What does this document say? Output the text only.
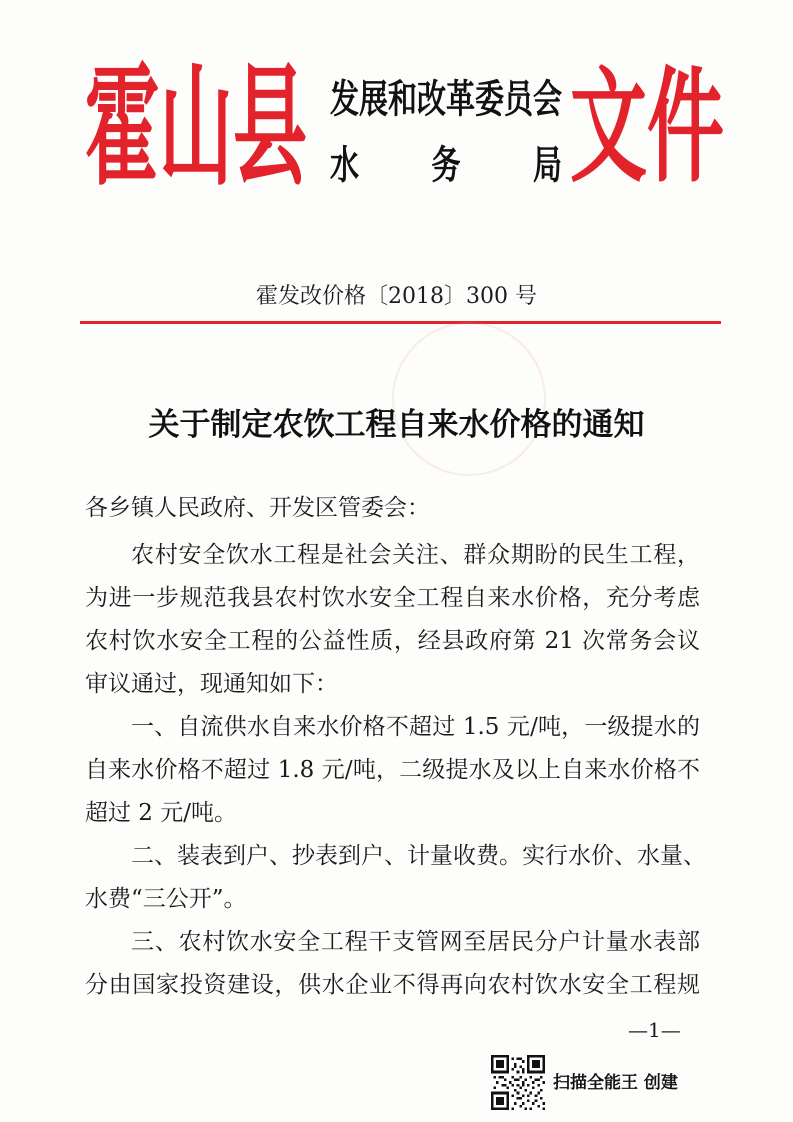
霍山县 发展和改革委员会
水 务 局 文件
霍发改价格〔2018〕300 号
关于制定农饮工程自来水价格的通知
各乡镇人民政府、开发区管委会：
农村安全饮水工程是社会关注、群众期盼的民生工程，
为进一步规范我县农村饮水安全工程自来水价格，充分考虑
农村饮水安全工程的公益性质，经县政府第 21 次常务会议
审议通过，现通知如下：
一、自流供水自来水价格不超过 1.5 元/吨，一级提水的
自来水价格不超过 1.8 元/吨，二级提水及以上自来水价格不
超过 2 元/吨。
二、装表到户、抄表到户、计量收费。实行水价、水量、
水费“三公开”。
三、农村饮水安全工程干支管网至居民分户计量水表部
分由国家投资建设，供水企业不得再向农村饮水安全工程规
—1—
扫描全能王 创建
